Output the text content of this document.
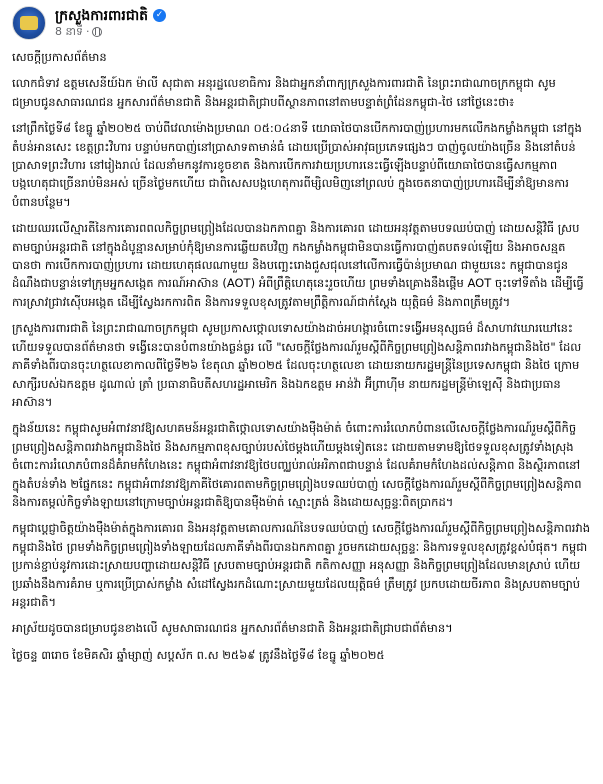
ក្រសួងការពារជាតិ ✓
8 នាទី ·

សេចក្ដីប្រកាសព័ត៌មាន

លោកជំទាវ ឧត្តមសេនីយ៍ឯក ម៉ាលី សុជាតា អនុរដ្ឋលេខាធិការ និងជាអ្នកនាំពាក្យក្រសួងការពារជាតិ នៃព្រះរាជាណាចក្រកម្ពុជា សូមជម្រាបជូនសាធារណជន អ្នកសារព័ត៌មានជាតិ និងអន្តរជាតិជ្រាបពីស្ថានភាពនៅតាមបន្ទាត់ព្រំដែនកម្ពុជា-ថៃ នៅថ្ងៃនេះថា៖

នៅព្រឹកថ្ងៃទី៨ ខែធ្នូ ឆ្នាំ២០២៥ ចាប់ពីវេលាម៉ោងប្រមាណ ០៥:០៤នាទី យោធាថៃបានបើកការបាញ់ប្រហារមកលើកងកម្លាំងកម្ពុជា នៅក្នុងតំបន់អានសេះ ខេត្តព្រះវិហារ បន្ទាប់មកបាញ់នៅប្រាសាទតាមាន់ធំ ដោយប្រើប្រាស់អាវុធប្រភេទផ្សេងៗ បាញ់ចូលយ៉ាងច្រើន និងនៅតំបន់ប្រាសាទព្រះវិហារ នៅរៀងរាល់ ដែលនាំមកនូវការខូចខាត និងការបើកការវាយប្រហារនេះធ្វើឡើងបន្ទាប់ពីយោធាថៃបានធ្វើសកម្មភាពបង្កហេតុជាច្រើនរាប់មិនអស់ ច្រើនថ្ងៃមកហើយ ជាពិសេសបង្កហេតុការពីម្សិលមិញនៅព្រលប់ ក្នុងចេតនាបាញ់ប្រហារដើម្បីនាំឱ្យមានការបំពានបន្ថែម។

ដោយឈរលើស្មារតីនៃការគោរពពលកិច្ចព្រមព្រៀងដែលបានឯកភាពគ្នា និងការគោរព ដោយអនុវត្តតាមបទឈប់បាញ់ ដោយសន្តិវិធី ស្របតាមច្បាប់អន្តរជាតិ នៅក្នុងដំបូន្មានសម្រាប់កុំឱ្យមានការឆ្លើយតបវិញ កងកម្លាំងកម្ពុជាមិនបានធ្វើការបាញ់តបតទល់ឡើយ និងអាចសន្មតបានថា ការបើកការបាញ់ប្រហារ ដោយហេតុផលណាមួយ និងបញ្ឆេះរោងជួសជុលនៅលើការធ្វើប៉ាន់ប្រមាណ ជាមួយនេះ កម្ពុជាបានជូនដំណឹងជាបន្ទាន់ទៅក្រុមអ្នកសង្កេត ការណ៍អាស៊ាន (AOT) អំពីព្រឹត្តិហេតុនេះរួចហើយ ព្រមទាំងគ្រោងនឹងផ្ដើម AOT ចុះទៅទីតាំង ដើម្បីធ្វើការស្រាវជ្រាវស៊ើបអង្កេត ដើម្បីស្វែងរកការពិត និងការទទួលខុសត្រូវតាមព្រឹត្តិការណ៍ជាក់ស្ដែង យុត្តិធម៌ និងភាពត្រឹមត្រូវ។

ក្រសួងការពារជាតិ នៃព្រះរាជាណាចក្រកម្ពុជា សូមប្រកាសថ្កោលទោសយ៉ាងដាច់អហង្ការចំពោះទង្វើអមនុស្សធម៌ ដ៏សាហាវឃោរឃៅនេះ ហើយទទួលបានព័ត៌មានថា ទង្វើនេះបានបំពានយ៉ាងធ្ងន់ធ្ងរ លើ "សេចក្ដីថ្លែងការណ៍រួមស្ដីពីកិច្ចព្រមព្រៀងសន្តិភាពរវាងកម្ពុជានិងថៃ" ដែលភាគីទាំងពីរបានចុះហត្ថលេខាកាលពីថ្ងៃទី២៦ ខែតុលា ឆ្នាំ២០២៥ ដែលចុះហត្ថលេខា ដោយនាយករដ្ឋមន្ត្រីនៃប្រទេសកម្ពុជា និងថៃ ក្រោមសាក្សីរបស់ឯកឧត្តម ដូណាល់ ត្រាំ ប្រធានាធិបតីសហរដ្ឋអាមេរិក និងឯកឧត្តម អាន់វ៉ា អ៊ីព្រាហ៊ីម នាយករដ្ឋមន្ត្រីម៉ាឡេស៊ី និងជាប្រធានអាស៊ាន។

ក្នុងន័យនេះ កម្ពុជាសូមអំពាវនាវឱ្យសហគមន៍អន្តរជាតិថ្កោលទោសយ៉ាងម៉ឺងម៉ាត់ ចំពោះការរំលោភបំពានលើសេចក្ដីថ្លែងការណ៍រួមស្ដីពីកិច្ចព្រមព្រៀងសន្តិភាពរវាងកម្ពុជានិងថៃ និងសកម្មភាពខុសច្បាប់របស់ថៃម្ដងហើយម្ដងទៀតនេះ ដោយតាមទាមឱ្យថៃទទួលខុសត្រូវទាំងស្រុងចំពោះការរំលោភបំពានដ៏គំរាមកំហែងនេះ កម្ពុជាអំពាវនាវឱ្យថៃបញ្ឈប់រាល់អរិភាពជាបន្ទាន់ ដែលគំរាមកំហែងដល់សន្តិភាព និងស្ថិរភាពនៅក្នុងតំបន់ទាំង ២ផ្នែកនេះ កម្ពុជាអំពាវនាវឱ្យភាគីថៃគោរពតាមកិច្ចព្រមព្រៀងបទឈប់បាញ់ សេចក្ដីថ្លែងការណ៍រួមស្ដីពីកិច្ចព្រមព្រៀងសន្តិភាព និងការតម្កល់កិច្ចទាំងឡាយនៅក្រោមច្បាប់អន្តរជាតិឱ្យបានម៉ឺងម៉ាត់ ស្មោះត្រង់ និងដោយសុច្ឆន្ទៈពិតប្រាកដ។

កម្ពុជាប្ដេជ្ញាចិត្តយ៉ាងម៉ឺងម៉ាត់ក្នុងការគោរព និងអនុវត្តតាមគោលការណ៍នៃបទឈប់បាញ់ សេចក្ដីថ្លែងការណ៍រួមស្ដីពីកិច្ចព្រមព្រៀងសន្តិភាពរវាងកម្ពុជានិងថៃ ព្រមទាំងកិច្ចព្រមព្រៀងទាំងឡាយដែលភាគីទាំងពីរបានឯកភាពគ្នា រួចមកដោយសុច្ឆន្ទៈ និងការទទួលខុសត្រូវខ្ពស់បំផុត។ កម្ពុជាប្រកាន់ខ្ជាប់នូវការដោះស្រាយបញ្ហាដោយសន្តិវិធី ស្របតាមច្បាប់អន្តរជាតិ កតិកាសញ្ញា អនុសញ្ញា និងកិច្ចព្រមព្រៀងដែលមានស្រាប់ ហើយប្រឆាំងនឹងការគំរាម ឬការប្រើប្រាស់កម្លាំង សំដៅស្វែងរកដំណោះស្រាយមួយដែលយុត្តិធម៌ ត្រឹមត្រូវ ប្រកបដោយចីរភាព និងស្របតាមច្បាប់អន្តរជាតិ។

អាស្រ័យដូចបានជម្រាបជូនខាងលើ សូមសាធារណជន អ្នកសារព័ត៌មានជាតិ និងអន្តរជាតិជ្រាបជាព័ត៌មាន។

ថ្ងៃចន្ទ ៣រោច ខែមិគសិរ ឆ្នាំម្សាញ់ សប្តស័ក ព.ស ២៥៦៩ ត្រូវនឹងថ្ងៃទី៨ ខែធ្នូ ឆ្នាំ២០២៥
